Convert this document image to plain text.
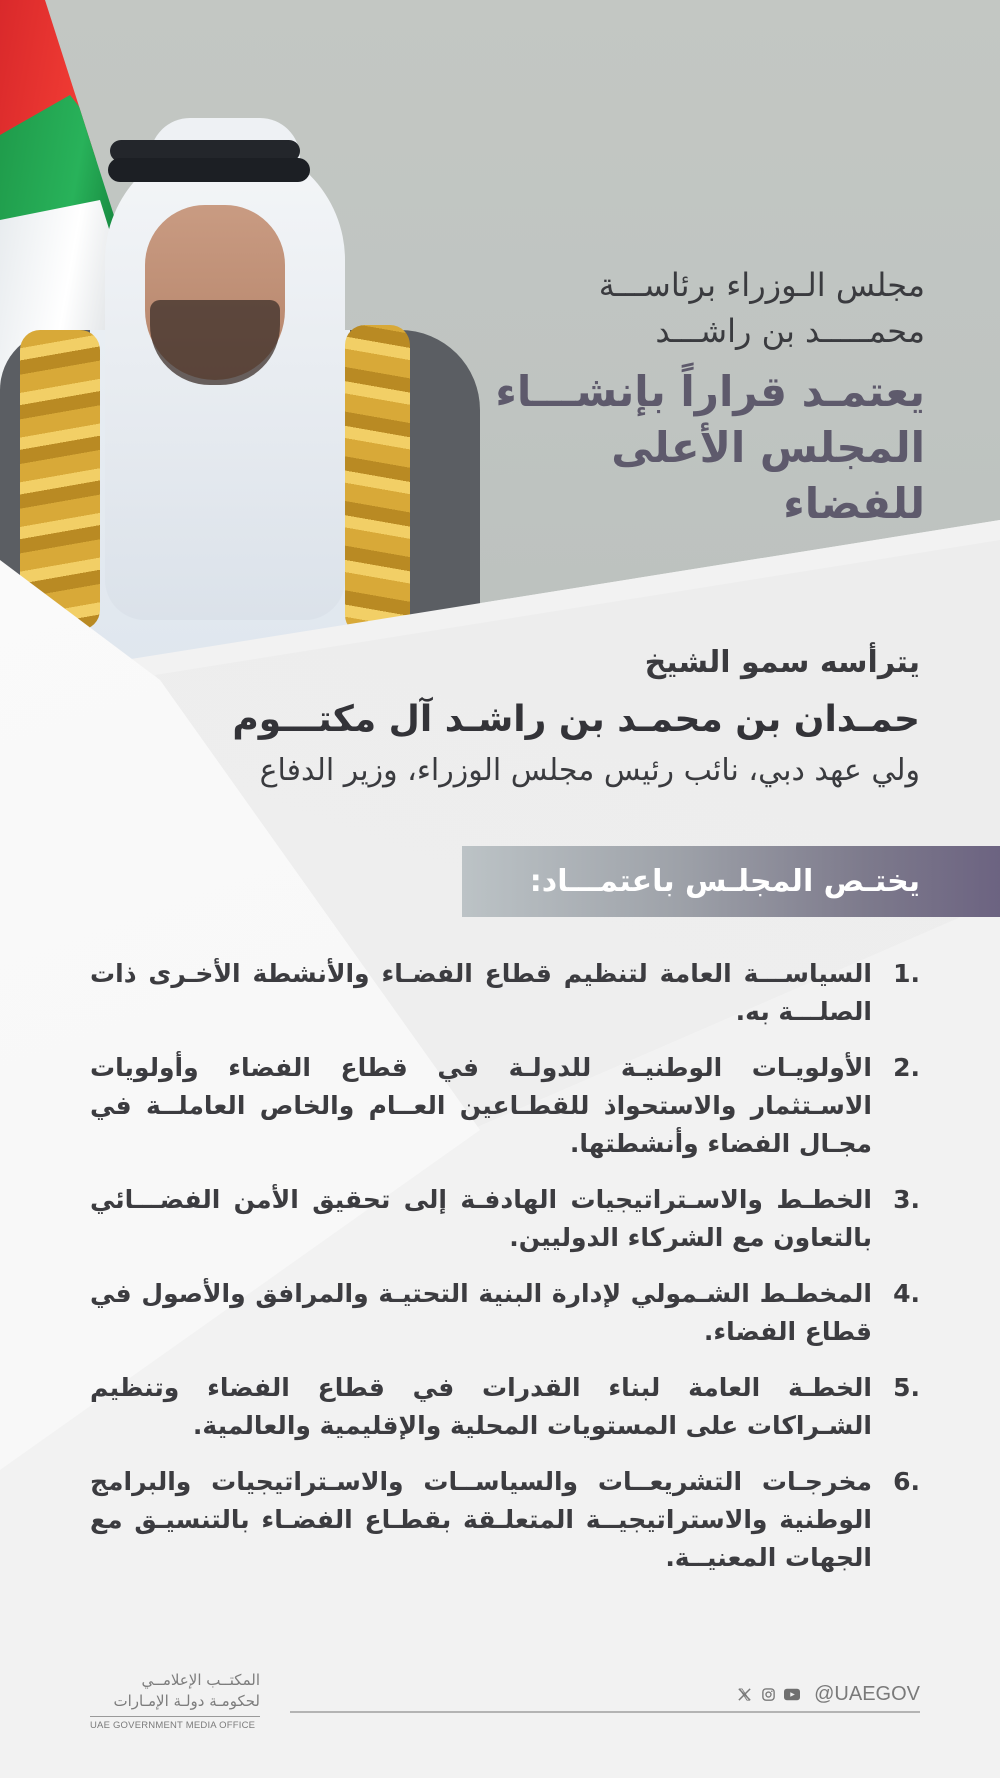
مجلس الـوزراء برئاســـة
محمـــــد بن راشـــد
يعتمـد قراراً بإنشـــاء
المجلس الأعلى للفضاء
يترأسه سمو الشيخ
حمـدان بن محمـد بن راشـد آل مكتـــوم
ولي عهد دبي، نائب رئيس مجلس الوزراء، وزير الدفاع
يختـص المجلـس باعتمـــاد:
1.
السياســـة العامة لتنظيم قطاع الفضـاء والأنشطة الأخـرى ذات الصلـــة به.
2.
الأولويـات الوطنيـة للدولـة في قطاع الفضاء وأولويات الاسـتثمار والاستحواذ للقطـاعين العــام والخاص العاملــة في مجـال الفضاء وأنشطتها.
3.
الخطـط والاسـتراتيجيات الهادفـة إلى تحقيق الأمن الفضـــائي بالتعاون مع الشركاء الدوليين.
4.
المخطـط الشـمولي لإدارة البنية التحتيـة والمرافق والأصول في قطاع الفضاء.
5.
الخطـة العامة لبناء القدرات في قطاع الفضاء وتنظيم الشـراكات على المستويات المحلية والإقليمية والعالمية.
6.
مخرجـات التشريعــات والسياســات والاسـتراتيجيات والبرامج الوطنية والاستراتيجيــة المتعلـقة بقطـاع الفضـاء بالتنسيـق مع الجهات المعنيــة.
المكتــب الإعلامــي
لحكومـة دولـة الإمـارات
UAE GOVERNMENT MEDIA OFFICE
@UAEGOV
